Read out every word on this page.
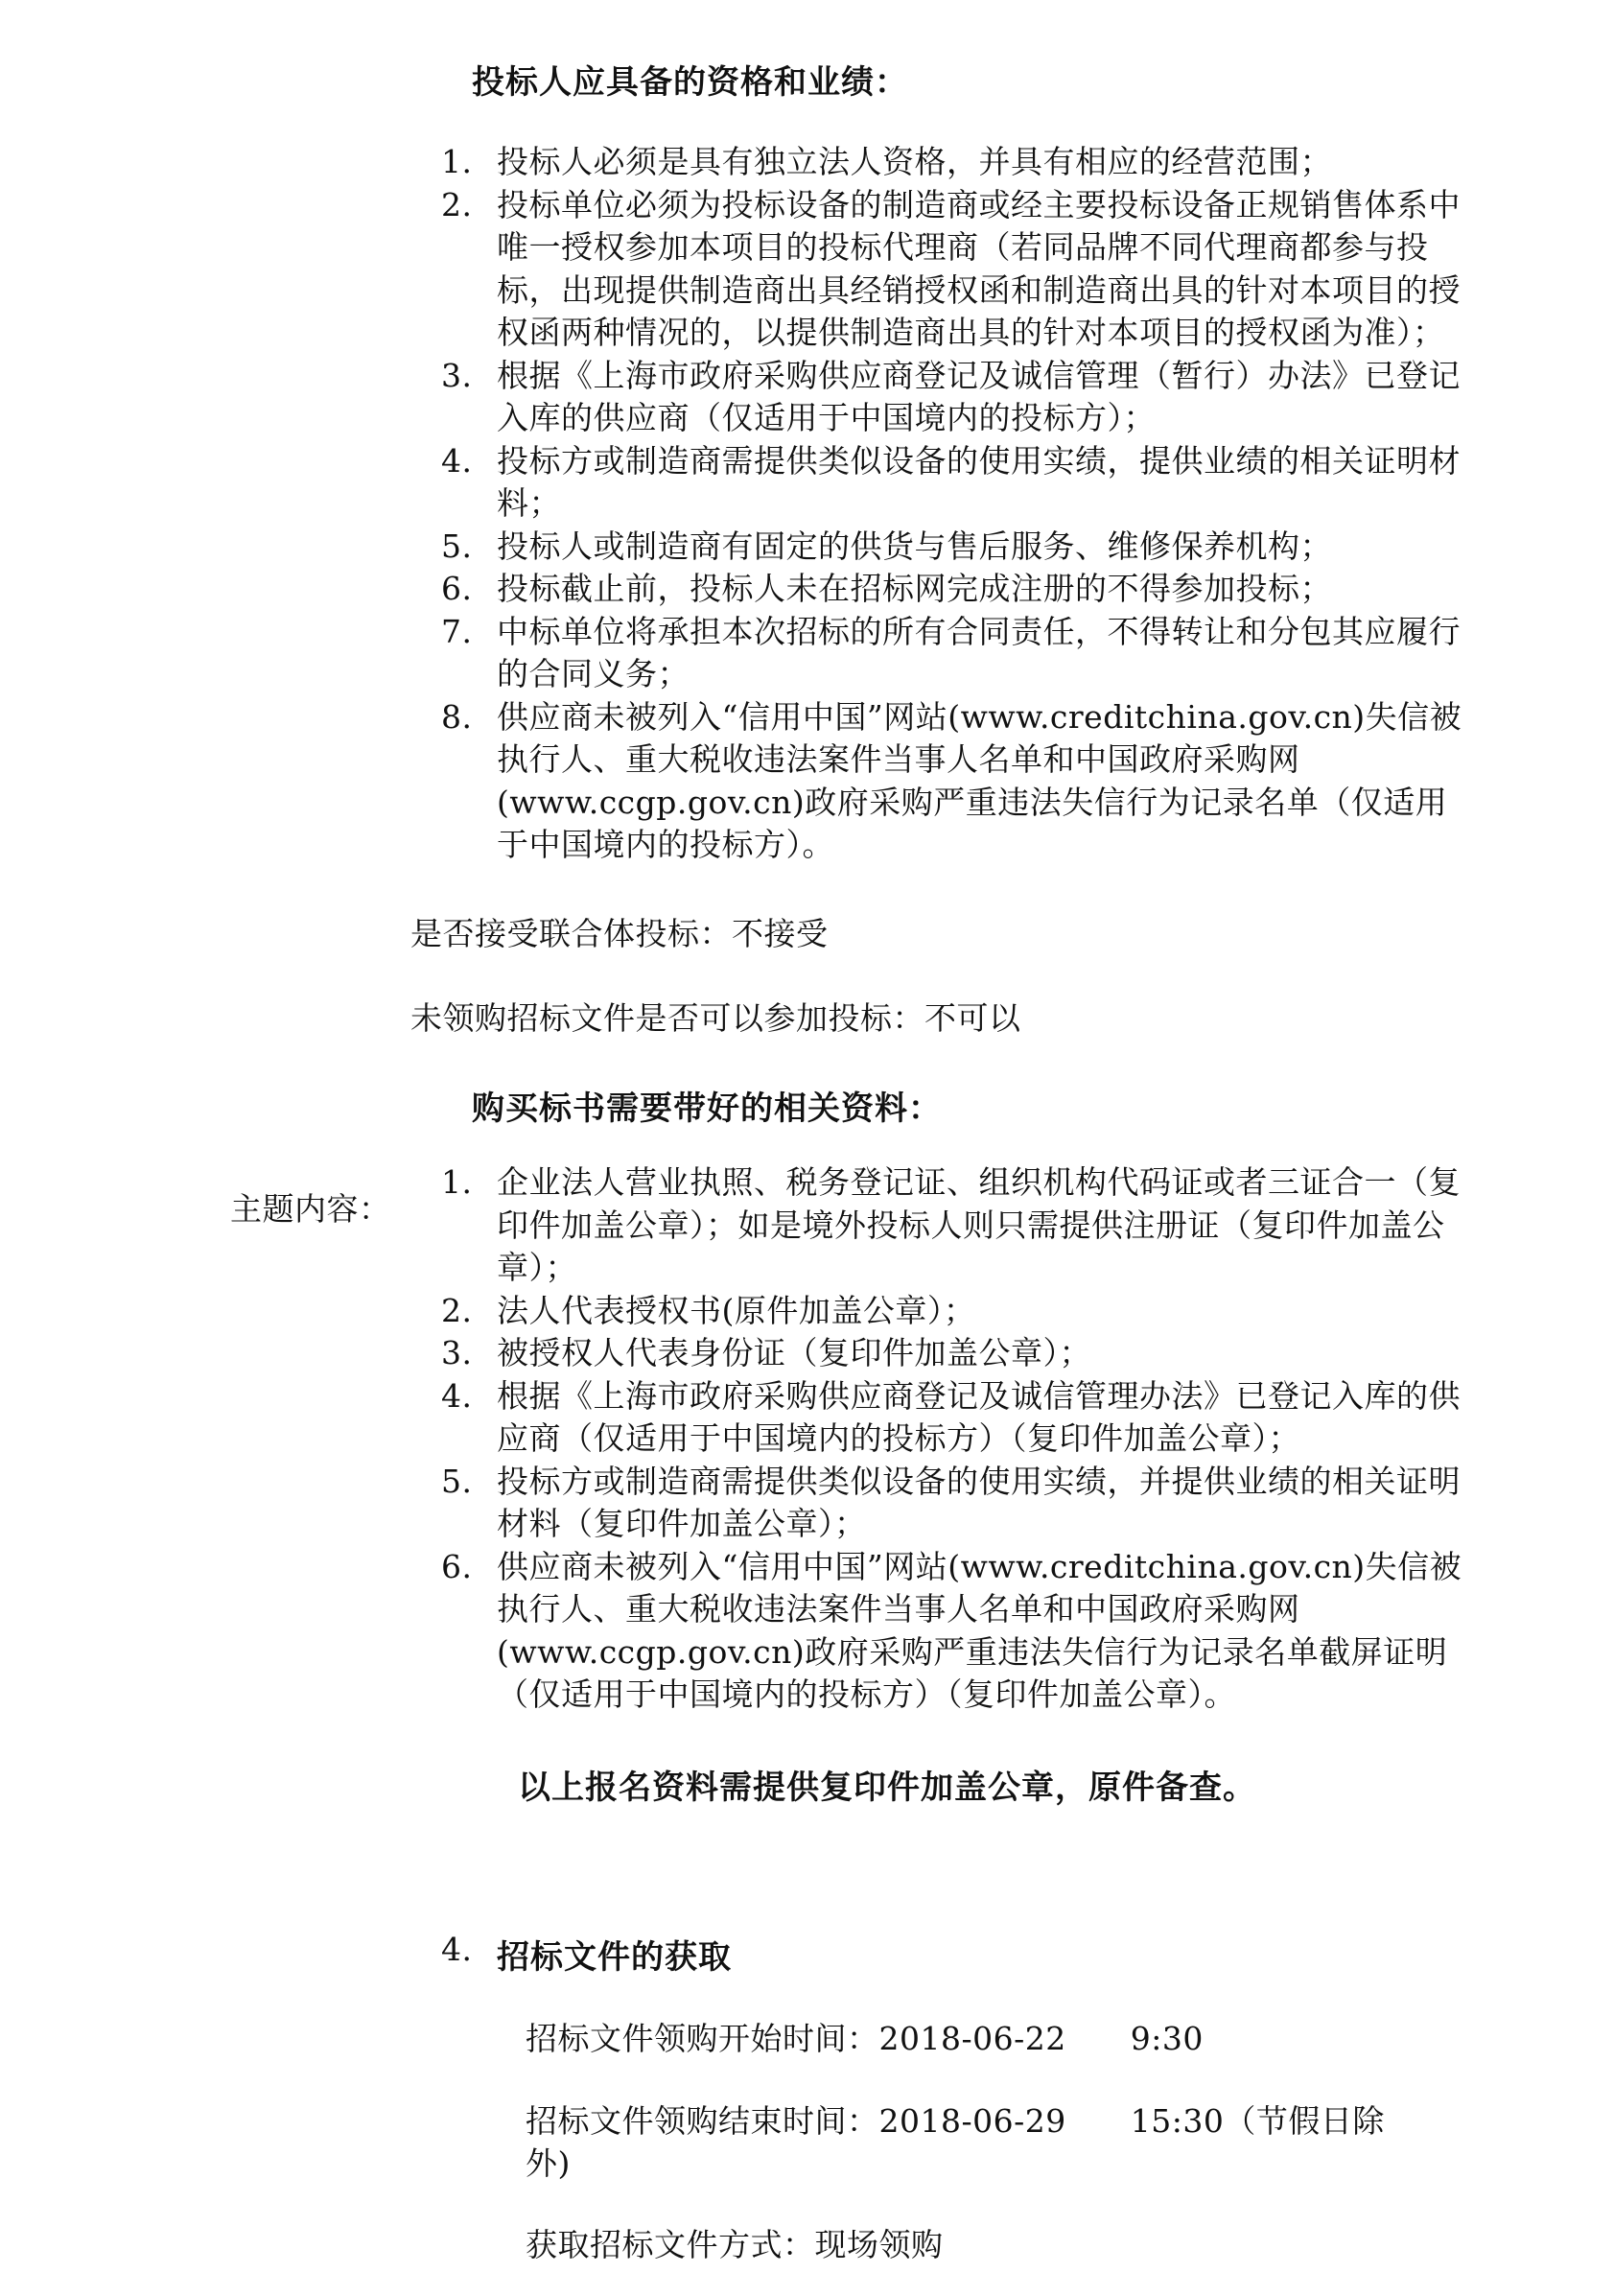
投标人应具备的资格和业绩：
1. 投标人必须是具有独立法人资格，并具有相应的经营范围；
2. 投标单位必须为投标设备的制造商或经主要投标设备正规销售体系中唯一授权参加本项目的投标代理商（若同品牌不同代理商都参与投标，出现提供制造商出具经销授权函和制造商出具的针对本项目的授权函两种情况的，以提供制造商出具的针对本项目的授权函为准）；
3. 根据《上海市政府采购供应商登记及诚信管理（暂行）办法》已登记入库的供应商（仅适用于中国境内的投标方）；
4. 投标方或制造商需提供类似设备的使用实绩，提供业绩的相关证明材料；
5. 投标人或制造商有固定的供货与售后服务、维修保养机构；
6. 投标截止前，投标人未在招标网完成注册的不得参加投标；
7. 中标单位将承担本次招标的所有合同责任，不得转让和分包其应履行的合同义务；
8. 供应商未被列入“信用中国”网站(www.creditchina.gov.cn)失信被执行人、重大税收违法案件当事人名单和中国政府采购网(www.ccgp.gov.cn)政府采购严重违法失信行为记录名单（仅适用于中国境内的投标方）。
是否接受联合体投标：不接受
未领购招标文件是否可以参加投标：不可以
购买标书需要带好的相关资料：
主题内容：
1. 企业法人营业执照、税务登记证、组织机构代码证或者三证合一（复印件加盖公章）；如是境外投标人则只需提供注册证（复印件加盖公章）；
2. 法人代表授权书(原件加盖公章）；
3. 被授权人代表身份证（复印件加盖公章）；
4. 根据《上海市政府采购供应商登记及诚信管理办法》已登记入库的供应商（仅适用于中国境内的投标方）（复印件加盖公章）；
5. 投标方或制造商需提供类似设备的使用实绩，并提供业绩的相关证明材料（复印件加盖公章）；
6. 供应商未被列入“信用中国”网站(www.creditchina.gov.cn)失信被执行人、重大税收违法案件当事人名单和中国政府采购网(www.ccgp.gov.cn)政府采购严重违法失信行为记录名单截屏证明（仅适用于中国境内的投标方）（复印件加盖公章）。
以上报名资料需提供复印件加盖公章，原件备查。
4. 招标文件的获取
招标文件领购开始时间：2018-06-22　　9:30
招标文件领购结束时间：2018-06-29　　15:30（节假日除
外)
获取招标文件方式：现场领购
